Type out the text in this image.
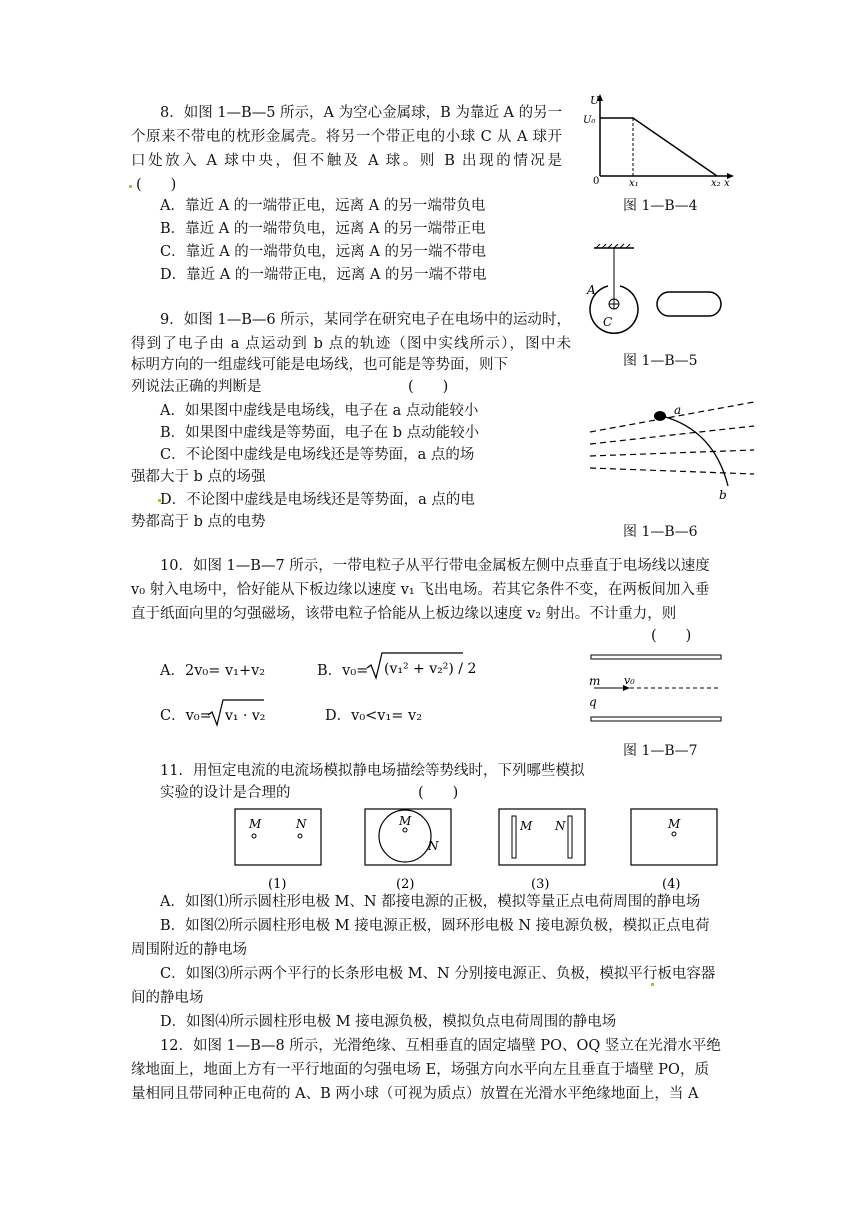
8．如图 1—B—5 所示，A 为空心金属球，B 为靠近 A 的另一
个原来不带电的枕形金属壳。将另一个带正电的小球 C 从 A 球开
口处放入 A 球中央，但不触及 A 球。则 B 出现的情况是
(　　)
A．靠近 A 的一端带正电，远离 A 的另一端带负电
B．靠近 A 的一端带负电，远离 A 的另一端带正电
C．靠近 A 的一端带负电，远离 A 的另一端不带电
D．靠近 A 的一端带正电，远离 A 的另一端不带电
U
U₀
0	x₁	x₂ x
图 1—B—4
A
C
图 1—B—5
9．如图 1—B—6 所示，某同学在研究电子在电场中的运动时，
得到了电子由 a 点运动到 b 点的轨迹（图中实线所示），图中未
标明方向的一组虚线可能是电场线，也可能是等势面，则下
列说法正确的判断是	(　　)
A．如果图中虚线是电场线，电子在 a 点动能较小
B．如果图中虚线是等势面，电子在 b 点动能较小
C．不论图中虚线是电场线还是等势面，a 点的场
强都大于 b 点的场强
D．不论图中虚线是电场线还是等势面，a 点的电
势都高于 b 点的电势
a
b
图 1—B—6
10．如图 1—B—7 所示，一带电粒子从平行带电金属板左侧中点垂直于电场线以速度
v₀ 射入电场中，恰好能从下板边缘以速度 v₁ 飞出电场。若其它条件不变，在两板间加入垂
直于纸面向里的匀强磁场，该带电粒子恰能从上板边缘以速度 v₂ 射出。不计重力，则
(　　)
A．2v₀= v₁+v₂	B．v₀= (v₁² + v₂²) / 2
C．v₀= v₁ · v₂	D．v₀<v₁= v₂
m
q
v₀
图 1—B—7
11．用恒定电流的电流场模拟静电场描绘等势线时，下列哪些模拟
实验的设计是合理的	(　　)
M	N
(1)
M
N
(2)
M N
(3)
M
(4)
A．如图⑴所示圆柱形电极 M、N 都接电源的正极，模拟等量正点电荷周围的静电场
B．如图⑵所示圆柱形电极 M 接电源正极，圆环形电极 N 接电源负极，模拟正点电荷
周围附近的静电场
C．如图⑶所示两个平行的长条形电极 M、N 分别接电源正、负极，模拟平行板电容器
间的静电场
D．如图⑷所示圆柱形电极 M 接电源负极，模拟负点电荷周围的静电场
12．如图 1—B—8 所示，光滑绝缘、互相垂直的固定墙壁 PO、OQ 竖立在光滑水平绝
缘地面上，地面上方有一平行地面的匀强电场 E，场强方向水平向左且垂直于墙壁 PO，质
量相同且带同种正电荷的 A、B 两小球（可视为质点）放置在光滑水平绝缘地面上，当 A
